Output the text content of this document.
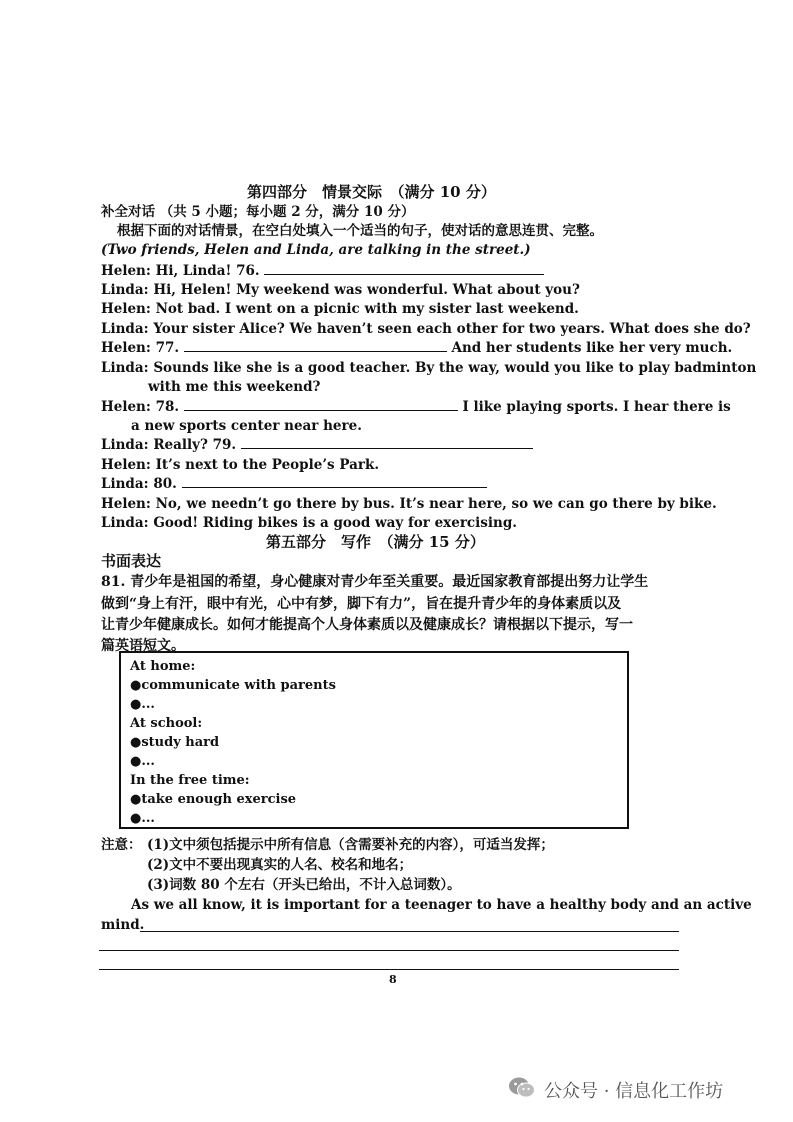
第四部分　情景交际　（满分 10 分）
补全对话 （共 5 小题；每小题 2 分，满分 10 分）
根据下面的对话情景，在空白处填入一个适当的句子，使对话的意思连贯、完整。
(Two friends, Helen and Linda, are talking in the street.)
Helen: Hi, Linda! 76.
Linda: Hi, Helen! My weekend was wonderful. What about you?
Helen: Not bad. I went on a picnic with my sister last weekend.
Linda: Your sister Alice? We haven’t seen each other for two years. What does she do?
Helen: 77.	And her students like her very much.
Linda: Sounds like she is a good teacher. By the way, would you like to play badminton
with me this weekend?
Helen: 78.	I like playing sports. I hear there is
a new sports center near here.
Linda: Really? 79.
Helen: It’s next to the People’s Park.
Linda: 80.
Helen: No, we needn’t go there by bus. It’s near here, so we can go there by bike.
Linda: Good! Riding bikes is a good way for exercising.
第五部分　写作　（满分 15 分）
书面表达
81. 青少年是祖国的希望，身心健康对青少年至关重要。最近国家教育部提出努力让学生
做到“身上有汗，眼中有光，心中有梦，脚下有力”，旨在提升青少年的身体素质以及
让青少年健康成长。如何才能提高个人身体素质以及健康成长？请根据以下提示，写一
篇英语短文。
At home:
●communicate with parents
●...
At school:
●study hard
●...
In the free time:
●take enough exercise
●...
注意： (1)文中须包括提示中所有信息（含需要补充的内容），可适当发挥；
(2)文中不要出现真实的人名、校名和地名；
(3)词数 80 个左右（开头已给出，不计入总词数）。
As we all know, it is important for a teenager to have a healthy body and an active
mind.
8
公众号 · 信息化工作坊
